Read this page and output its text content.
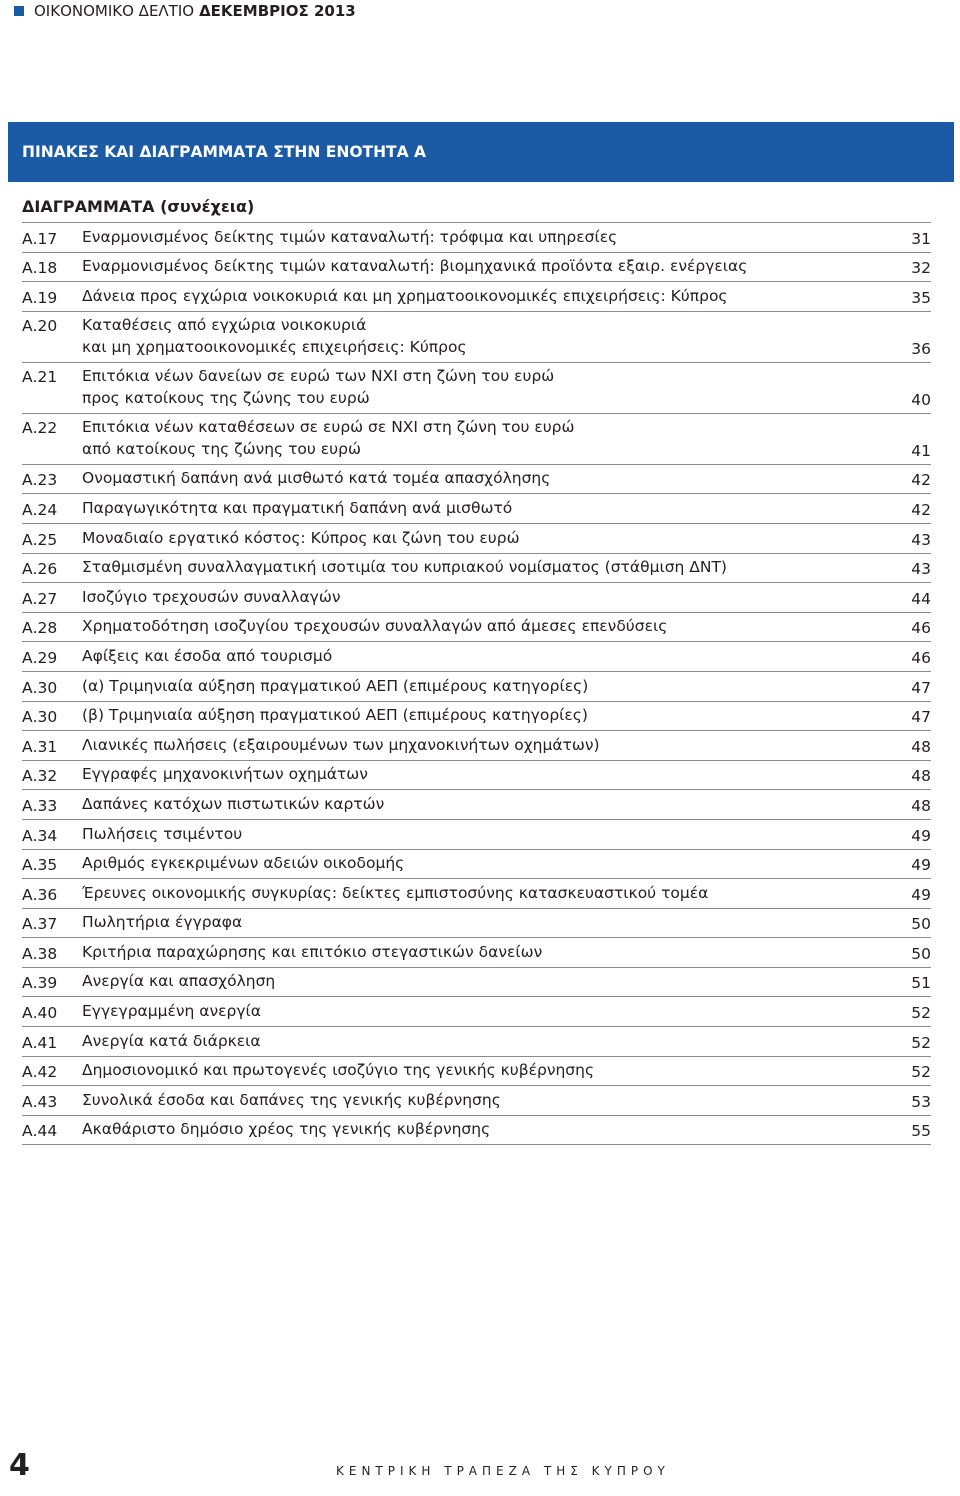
ΟΙΚΟΝΟΜΙΚΟ ΔΕΛΤΙΟ ΔΕΚΕΜΒΡΙΟΣ 2013
ΠΙΝΑΚΕΣ ΚΑΙ ΔΙΑΓΡΑΜΜΑΤΑ ΣΤΗΝ ΕΝΟΤΗΤΑ Α
ΔΙΑΓΡΑΜΜΑΤΑ (συνέχεια)
Α.17	Εναρμονισμένος δείκτης τιμών καταναλωτή: τρόφιμα και υπηρεσίες	31
Α.18	Εναρμονισμένος δείκτης τιμών καταναλωτή: βιομηχανικά προϊόντα εξαιρ. ενέργειας	32
Α.19	Δάνεια προς εγχώρια νοικοκυριά και μη χρηματοοικονομικές επιχειρήσεις: Κύπρος	35
Α.20	Καταθέσεις από εγχώρια νοικοκυριά
και μη χρηματοοικονομικές επιχειρήσεις: Κύπρος	36
Α.21	Επιτόκια νέων δανείων σε ευρώ των ΝΧΙ στη ζώνη του ευρώ
προς κατοίκους της ζώνης του ευρώ	40
Α.22	Επιτόκια νέων καταθέσεων σε ευρώ σε ΝΧΙ στη ζώνη του ευρώ
από κατοίκους της ζώνης του ευρώ	41
Α.23	Ονομαστική δαπάνη ανά μισθωτό κατά τομέα απασχόλησης	42
Α.24	Παραγωγικότητα και πραγματική δαπάνη ανά μισθωτό	42
Α.25	Μοναδιαίο εργατικό κόστος: Κύπρος και ζώνη του ευρώ	43
Α.26	Σταθμισμένη συναλλαγματική ισοτιμία του κυπριακού νομίσματος (στάθμιση ΔΝΤ)	43
Α.27	Ισοζύγιο τρεχουσών συναλλαγών	44
Α.28	Χρηματοδότηση ισοζυγίου τρεχουσών συναλλαγών από άμεσες επενδύσεις	46
Α.29	Αφίξεις και έσοδα από τουρισμό	46
Α.30	(α) Τριμηνιαία αύξηση πραγματικού ΑΕΠ (επιμέρους κατηγορίες)	47
Α.30	(β) Τριμηνιαία αύξηση πραγματικού ΑΕΠ (επιμέρους κατηγορίες)	47
Α.31	Λιανικές πωλήσεις (εξαιρουμένων των μηχανοκινήτων οχημάτων)	48
Α.32	Εγγραφές μηχανοκινήτων οχημάτων	48
Α.33	Δαπάνες κατόχων πιστωτικών καρτών	48
Α.34	Πωλήσεις τσιμέντου	49
Α.35	Αριθμός εγκεκριμένων αδειών οικοδομής	49
Α.36	Έρευνες οικονομικής συγκυρίας: δείκτες εμπιστοσύνης κατασκευαστικού τομέα	49
Α.37	Πωλητήρια έγγραφα	50
Α.38	Κριτήρια παραχώρησης και επιτόκιο στεγαστικών δανείων	50
Α.39	Ανεργία και απασχόληση	51
Α.40	Εγγεγραμμένη ανεργία	52
Α.41	Ανεργία κατά διάρκεια	52
Α.42	Δημοσιονομικό και πρωτογενές ισοζύγιο της γενικής κυβέρνησης	52
Α.43	Συνολικά έσοδα και δαπάνες της γενικής κυβέρνησης	53
Α.44	Ακαθάριστο δημόσιο χρέος της γενικής κυβέρνησης	55
4	ΚΕΝΤΡΙΚΗ ΤΡΑΠΕΖΑ ΤΗΣ ΚΥΠΡΟΥ
